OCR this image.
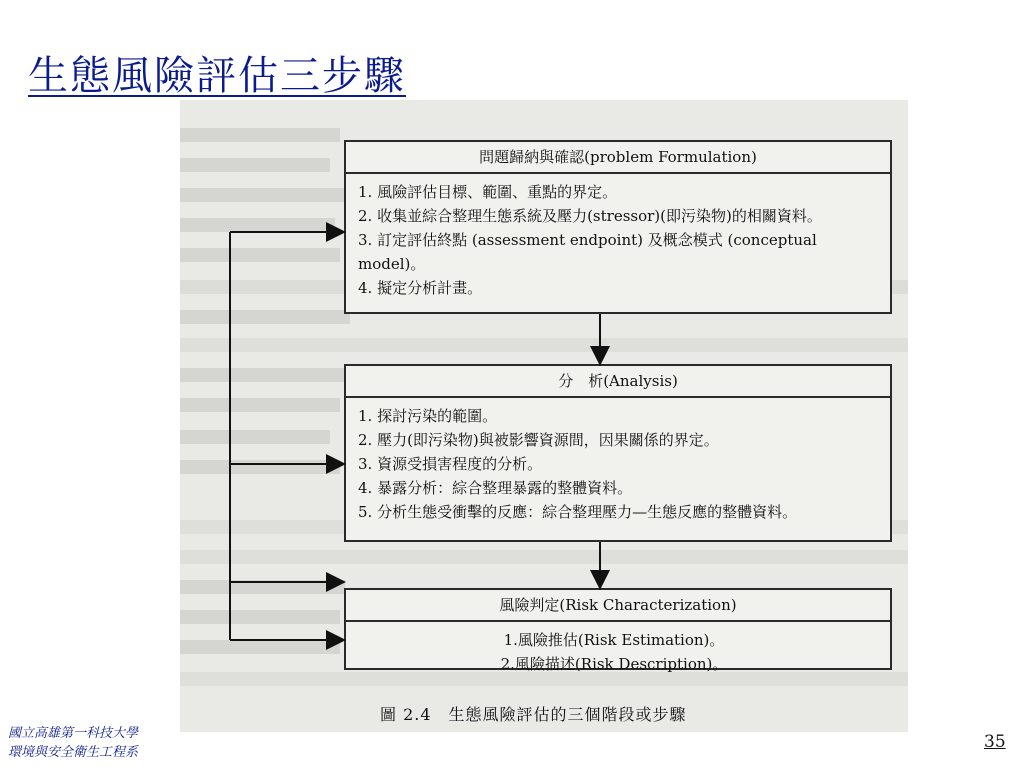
生態風險評估三步驟
問題歸納與確認(problem Formulation)

1. 風險評估目標、範圍、重點的界定。

2. 收集並綜合整理生態系統及壓力(stressor)(即污染物)的相關資料。

3. 訂定評估終點 (assessment endpoint) 及概念模式 (conceptual model)。

4. 擬定分析計畫。

分　析(Analysis)

1. 探討污染的範圍。

2. 壓力(即污染物)與被影響資源間，因果關係的界定。

3. 資源受損害程度的分析。

4. 暴露分析：綜合整理暴露的整體資料。

5. 分析生態受衝擊的反應：綜合整理壓力—生態反應的整體資料。

風險判定(Risk Characterization)

1.風險推估(Risk Estimation)。

2.風險描述(Risk Description)。

圖 2.4　生態風險評估的三個階段或步驟
國立高雄第一科技大學
環境與安全衛生工程系
35
